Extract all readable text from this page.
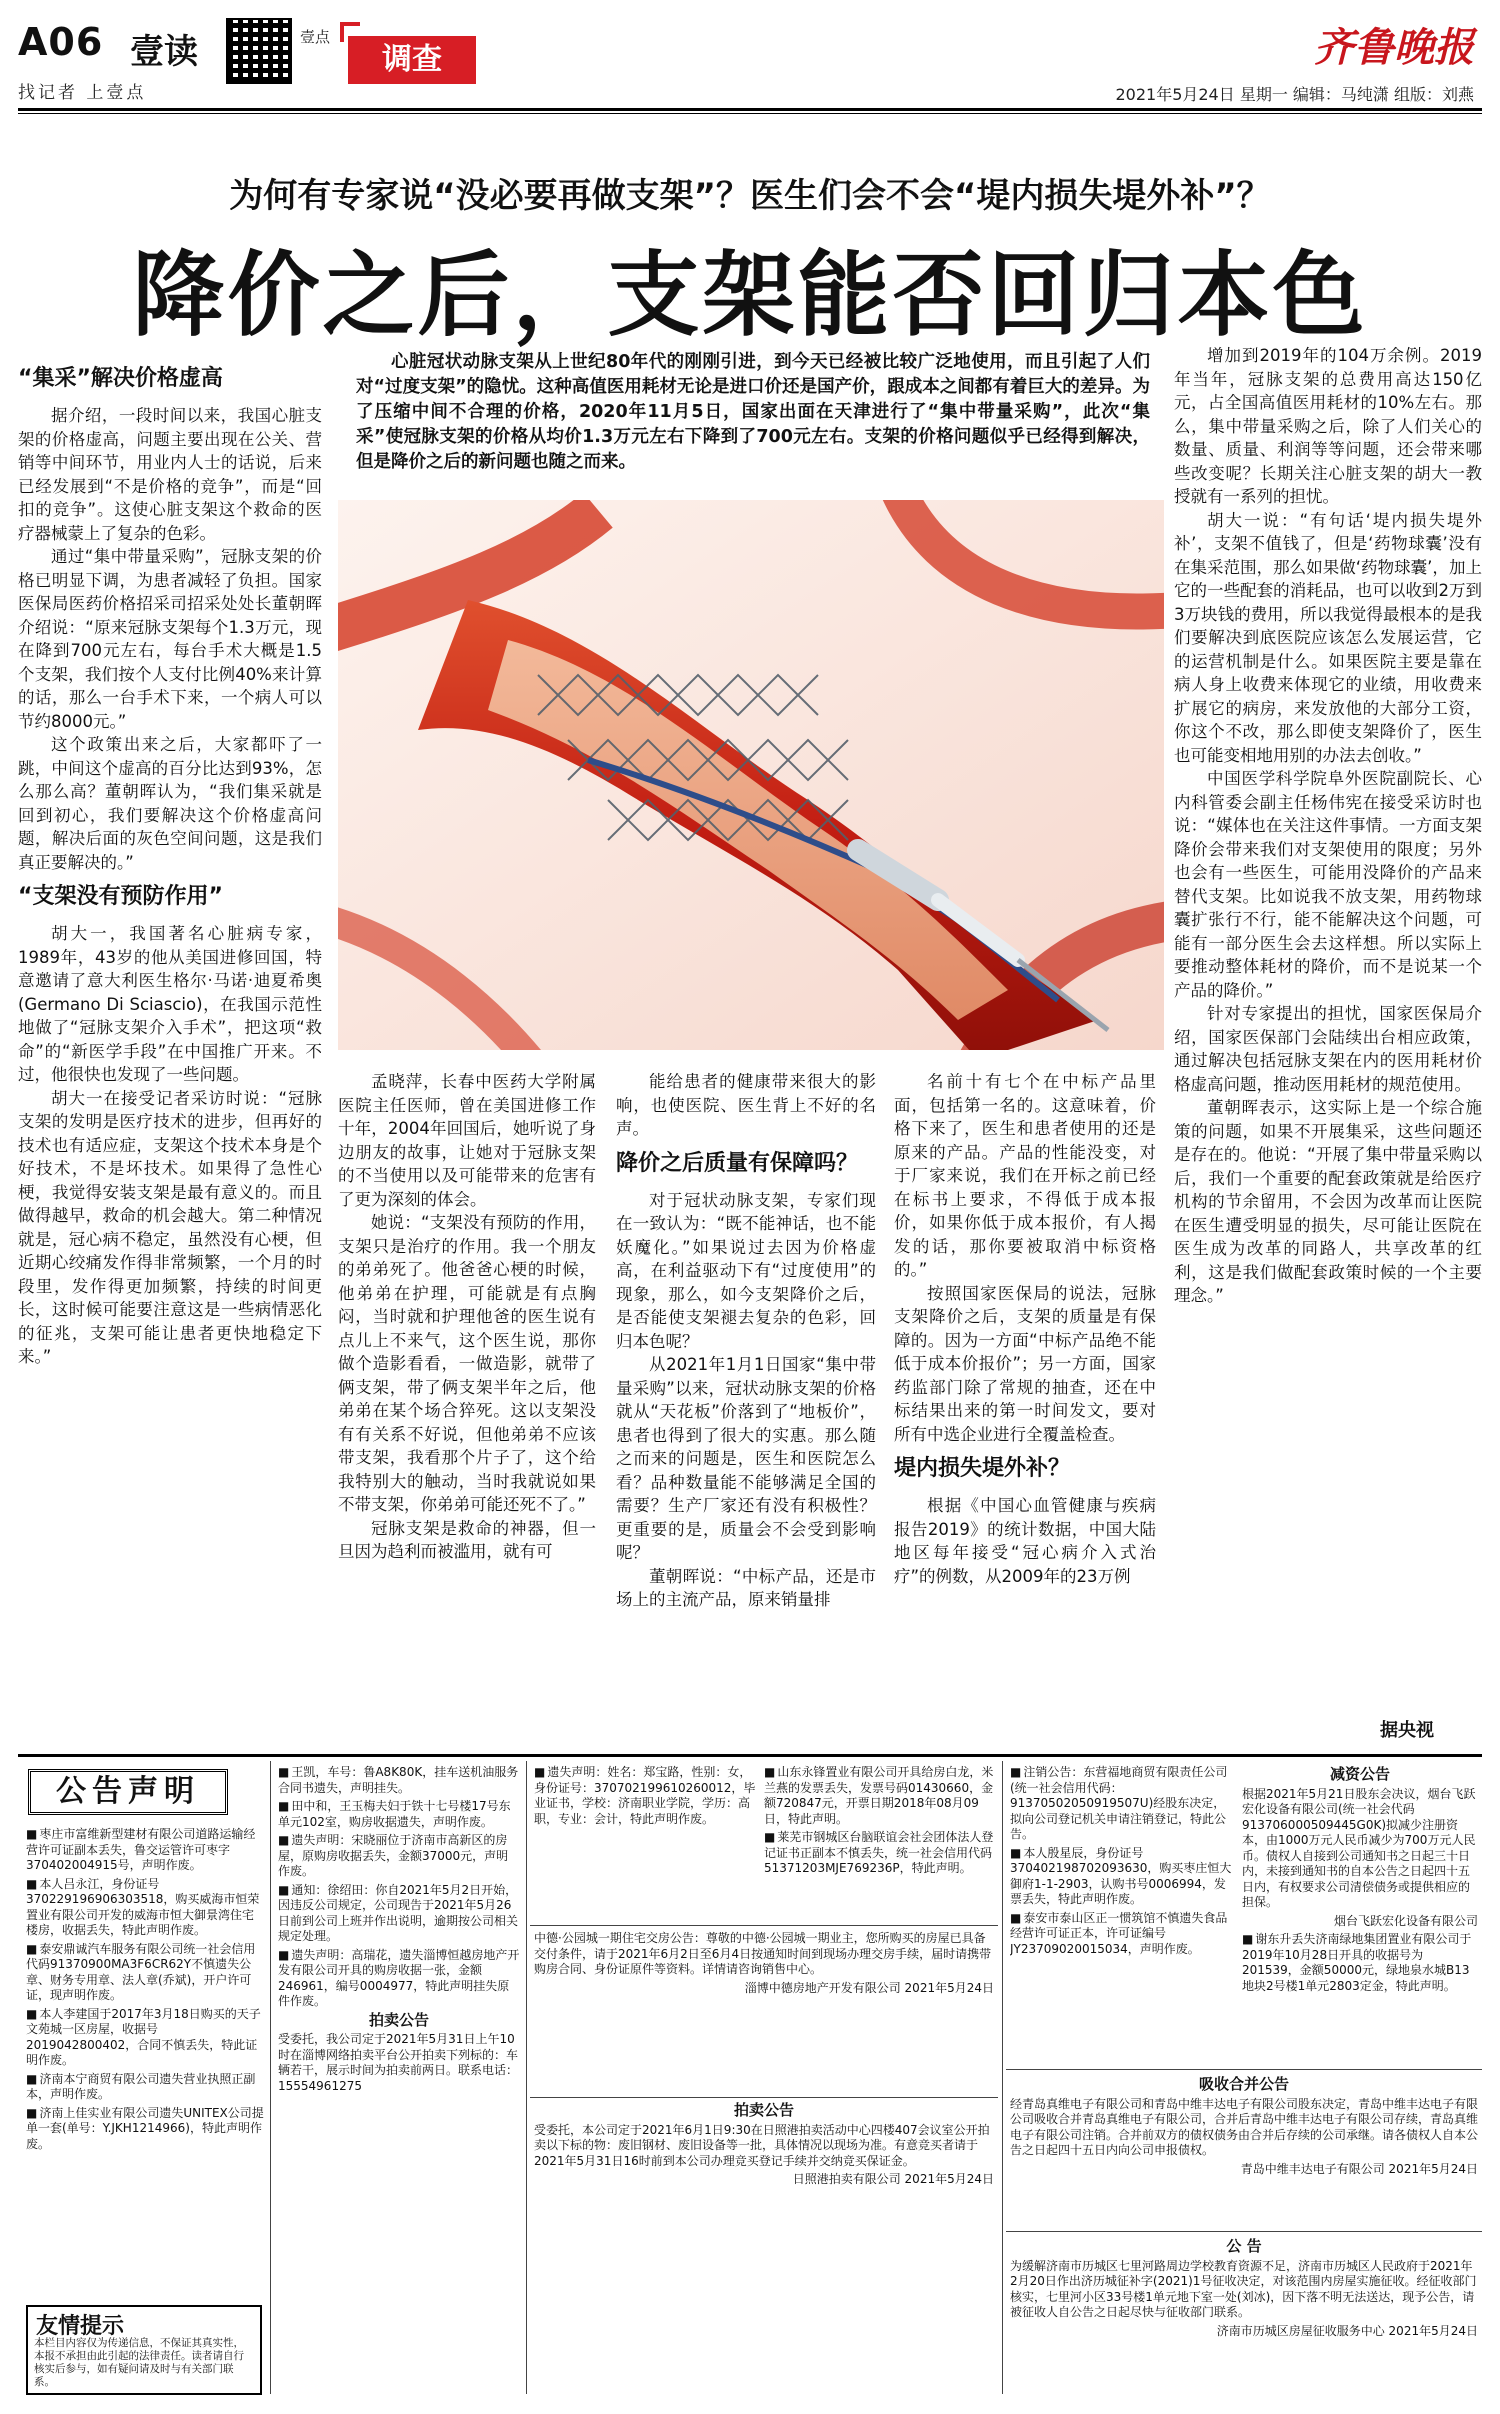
A06 壹读
找记者 上壹点
壹点
调查	齐鲁晚报
2021年5月24日 星期一 编辑：马纯潇 组版：刘燕
为何有专家说“没必要再做支架”？医生们会不会“堤内损失堤外补”？
降价之后，支架能否回归本色
心脏冠状动脉支架从上世纪80年代的刚刚引进，到今天已经被比较广泛地使用，而且引起了人们对“过度支架”的隐忧。这种高值医用耗材无论是进口价还是国产价，跟成本之间都有着巨大的差异。为了压缩中间不合理的价格，2020年11月5日，国家出面在天津进行了“集中带量采购”，此次“集采”使冠脉支架的价格从均价1.3万元左右下降到了700元左右。支架的价格问题似乎已经得到解决，但是降价之后的新问题也随之而来。
“集采”解决价格虚高

据介绍，一段时间以来，我国心脏支架的价格虚高，问题主要出现在公关、营销等中间环节，用业内人士的话说，后来已经发展到“不是价格的竞争”，而是“回扣的竞争”。这使心脏支架这个救命的医疗器械蒙上了复杂的色彩。

通过“集中带量采购”，冠脉支架的价格已明显下调，为患者减轻了负担。国家医保局医药价格招采司招采处处长董朝晖介绍说：“原来冠脉支架每个1.3万元，现在降到700元左右，每台手术大概是1.5个支架，我们按个人支付比例40%来计算的话，那么一台手术下来，一个病人可以节约8000元。”

这个政策出来之后，大家都吓了一跳，中间这个虚高的百分比达到93%，怎么那么高？董朝晖认为，“我们集采就是回到初心，我们要解决这个价格虚高问题，解决后面的灰色空间问题，这是我们真正要解决的。”

“支架没有预防作用”

胡大一，我国著名心脏病专家，1989年，43岁的他从美国进修回国，特意邀请了意大利医生格尔·马诺·迪夏希奥(Germano Di Sciascio)，在我国示范性地做了“冠脉支架介入手术”，把这项“救命”的“新医学手段”在中国推广开来。不过，他很快也发现了一些问题。

胡大一在接受记者采访时说：“冠脉支架的发明是医疗技术的进步，但再好的技术也有适应症，支架这个技术本身是个好技术，不是坏技术。如果得了急性心梗，我觉得安装支架是最有意义的。而且做得越早，救命的机会越大。第二种情况就是，冠心病不稳定，虽然没有心梗，但近期心绞痛发作得非常频繁，一个月的时段里，发作得更加频繁，持续的时间更长，这时候可能要注意这是一些病情恶化的征兆，支架可能让患者更快地稳定下来。”

孟晓萍，长春中医药大学附属医院主任医师，曾在美国进修工作十年，2004年回国后，她听说了身边朋友的故事，让她对于冠脉支架的不当使用以及可能带来的危害有了更为深刻的体会。

她说：“支架没有预防的作用，支架只是治疗的作用。我一个朋友的弟弟死了。他爸爸心梗的时候，他弟弟在护理，可能就是有点胸闷，当时就和护理他爸的医生说有点儿上不来气，这个医生说，那你做个造影看看，一做造影，就带了俩支架，带了俩支架半年之后，他弟弟在某个场合猝死。这以支架没有有关系不好说，但他弟弟不应该带支架，我看那个片子了，这个给我特别大的触动，当时我就说如果不带支架，你弟弟可能还死不了。”

冠脉支架是救命的神器，但一旦因为趋利而被滥用，就有可

能给患者的健康带来很大的影响，也使医院、医生背上不好的名声。

降价之后质量有保障吗？

对于冠状动脉支架，专家们现在一致认为：“既不能神话，也不能妖魔化。”如果说过去因为价格虚高，在利益驱动下有“过度使用”的现象，那么，如今支架降价之后，是否能使支架褪去复杂的色彩，回归本色呢？

从2021年1月1日国家“集中带量采购”以来，冠状动脉支架的价格就从“天花板”价落到了“地板价”，患者也得到了很大的实惠。那么随之而来的问题是，医生和医院怎么看？品种数量能不能够满足全国的需要？生产厂家还有没有积极性？更重要的是，质量会不会受到影响呢？

董朝晖说：“中标产品，还是市场上的主流产品，原来销量排

名前十有七个在中标产品里面，包括第一名的。这意味着，价格下来了，医生和患者使用的还是原来的产品。产品的性能没变，对于厂家来说，我们在开标之前已经在标书上要求，不得低于成本报价，如果你低于成本报价，有人揭发的话，那你要被取消中标资格的。”

按照国家医保局的说法，冠脉支架降价之后，支架的质量是有保障的。因为一方面“中标产品绝不能低于成本价报价”；另一方面，国家药监部门除了常规的抽查，还在中标结果出来的第一时间发文，要对所有中选企业进行全覆盖检查。

堤内损失堤外补？

根据《中国心血管健康与疾病报告2019》的统计数据，中国大陆地区每年接受“冠心病介入式治疗”的例数，从2009年的23万例

增加到2019年的104万余例。2019年当年，冠脉支架的总费用高达150亿元，占全国高值医用耗材的10%左右。那么，集中带量采购之后，除了人们关心的数量、质量、利润等等问题，还会带来哪些改变呢？长期关注心脏支架的胡大一教授就有一系列的担忧。

胡大一说：“有句话‘堤内损失堤外补’，支架不值钱了，但是‘药物球囊’没有在集采范围，那么如果做‘药物球囊’，加上它的一些配套的消耗品，也可以收到2万到3万块钱的费用，所以我觉得最根本的是我们要解决到底医院应该怎么发展运营，它的运营机制是什么。如果医院主要是靠在病人身上收费来体现它的业绩，用收费来扩展它的病房，来发放他的大部分工资，你这个不改，那么即使支架降价了，医生也可能变相地用别的办法去创收。”

中国医学科学院阜外医院副院长、心内科管委会副主任杨伟宪在接受采访时也说：“媒体也在关注这件事情。一方面支架降价会带来我们对支架使用的限度；另外也会有一些医生，可能用没降价的产品来替代支架。比如说我不放支架，用药物球囊扩张行不行，能不能解决这个问题，可能有一部分医生会去这样想。所以实际上要推动整体耗材的降价，而不是说某一个产品的降价。”

针对专家提出的担忧，国家医保局介绍，国家医保部门会陆续出台相应政策，通过解决包括冠脉支架在内的医用耗材价格虚高问题，推动医用耗材的规范使用。

董朝晖表示，这实际上是一个综合施策的问题，如果不开展集采，这些问题还是存在的。他说：“开展了集中带量采购以后，我们一个重要的配套政策就是给医疗机构的节余留用，不会因为改革而让医院在医生遭受明显的损失，尽可能让医院在医生成为改革的同路人，共享改革的红利，这是我们做配套政策时候的一个主要理念。”

据央视
公告声明

■ 枣庄市富维新型建材有限公司道路运输经营许可证副本丢失，鲁交运管许可枣字370402004915号，声明作废。

■ 本人吕永江，身份证号370229196906303518，购买威海市恒荣置业有限公司开发的威海市恒大御景湾住宅楼房，收据丢失，特此声明作废。

■ 泰安鼎诚汽车服务有限公司统一社会信用代码91370900MA3F6CR62Y不慎遗失公章、财务专用章、法人章(乔斌)，开户许可证，现声明作废。

■ 本人李建国于2017年3月18日购买的天子文苑城一区房屋，收据号2019042800402，合同不慎丢失，特此证明作废。

■ 济南本宁商贸有限公司遗失营业执照正副本，声明作废。

■ 济南上佳实业有限公司遗失UNITEX公司提单一套(单号：Y.JKH1214966)，特此声明作废。

友情提示
本栏目内容仅为传递信息，不保证其真实性，本报不承担由此引起的法律责任。读者请自行核实后参与，如有疑问请及时与有关部门联系。

■ 王凯，车号：鲁A8K80K，挂车送机油服务合同书遗失，声明挂失。

■ 田中和，王玉梅夫妇于铁十七号楼17号东单元102室，购房收据遗失，声明作废。

■ 遗失声明：宋晓丽位于济南市高新区的房屋，原购房收据丢失，金额37000元，声明作废。

■ 通知：徐绍田：你自2021年5月2日开始，因违反公司规定，公司现告于2021年5月26日前到公司上班并作出说明，逾期按公司相关规定处理。

■ 遗失声明：高瑞花，遗失淄博恒越房地产开发有限公司开具的购房收据一张，金额246961，编号0004977，特此声明挂失原件作废。

拍卖公告

受委托，我公司定于2021年5月31日上午10时在淄博网络拍卖平台公开拍卖下列标的：车辆若干，展示时间为拍卖前两日。联系电话：15554961275

■ 遗失声明：姓名：郑宝路，性别：女，身份证号：370702199610260012，毕业证书，学校：济南职业学院，学历：高职，专业：会计，特此声明作废。

■ 山东永锋置业有限公司开具给房白龙，米兰燕的发票丢失，发票号码01430660，金额720847元，开票日期2018年08月09日，特此声明。

■ 莱芜市钢城区台脑联谊会社会团体法人登记证书正副本不慎丢失，统一社会信用代码51371203MJE769236P，特此声明。

中德·公园城一期住宅交房公告：尊敬的中德·公园城一期业主，您所购买的房屋已具备交付条件，请于2021年6月2日至6月4日按通知时间到现场办理交房手续，届时请携带购房合同、身份证原件等资料。详情请咨询销售中心。

淄博中德房地产开发有限公司 2021年5月24日

拍卖公告

受委托，本公司定于2021年6月1日9:30在日照港拍卖活动中心四楼407会议室公开拍卖以下标的物：废旧钢材、废旧设备等一批，具体情况以现场为准。有意竞买者请于2021年5月31日16时前到本公司办理竞买登记手续并交纳竞买保证金。

日照港拍卖有限公司 2021年5月24日

■ 注销公告：东营福地商贸有限责任公司(统一社会信用代码：91370502050919507U)经股东决定，拟向公司登记机关申请注销登记，特此公告。

■ 本人殷星辰，身份证号370402198702093630，购买枣庄恒大御府1-1-2903，认购书号0006994，发票丢失，特此声明作废。

■ 泰安市泰山区正一惯筑馆不慎遗失食品经营许可证正本，许可证编号JY23709020015034，声明作废。

减资公告

根据2021年5月21日股东会决议，烟台飞跃宏化设备有限公司(统一社会代码913706000509445G0K)拟减少注册资本，由1000万元人民币减少为700万元人民币。债权人自接到公司通知书之日起三十日内，未接到通知书的自本公告之日起四十五日内，有权要求公司清偿债务或提供相应的担保。

烟台飞跃宏化设备有限公司

■ 谢东升丢失济南绿地集团置业有限公司于2019年10月28日开具的收据号为201539，金额50000元，绿地泉水城B13地块2号楼1单元2803定金，特此声明。

吸收合并公告

经青岛真维电子有限公司和青岛中维丰达电子有限公司股东决定，青岛中维丰达电子有限公司吸收合并青岛真维电子有限公司，合并后青岛中维丰达电子有限公司存续，青岛真维电子有限公司注销。合并前双方的债权债务由合并后存续的公司承继。请各债权人自本公告之日起四十五日内向公司申报债权。

青岛中维丰达电子有限公司 2021年5月24日

公 告

为缓解济南市历城区七里河路周边学校教育资源不足，济南市历城区人民政府于2021年2月20日作出济历城征补字(2021)1号征收决定，对该范围内房屋实施征收。经征收部门核实，七里河小区33号楼1单元地下室一处(刘冰)，因下落不明无法送达，现予公告，请被征收人自公告之日起尽快与征收部门联系。

济南市历城区房屋征收服务中心 2021年5月24日
